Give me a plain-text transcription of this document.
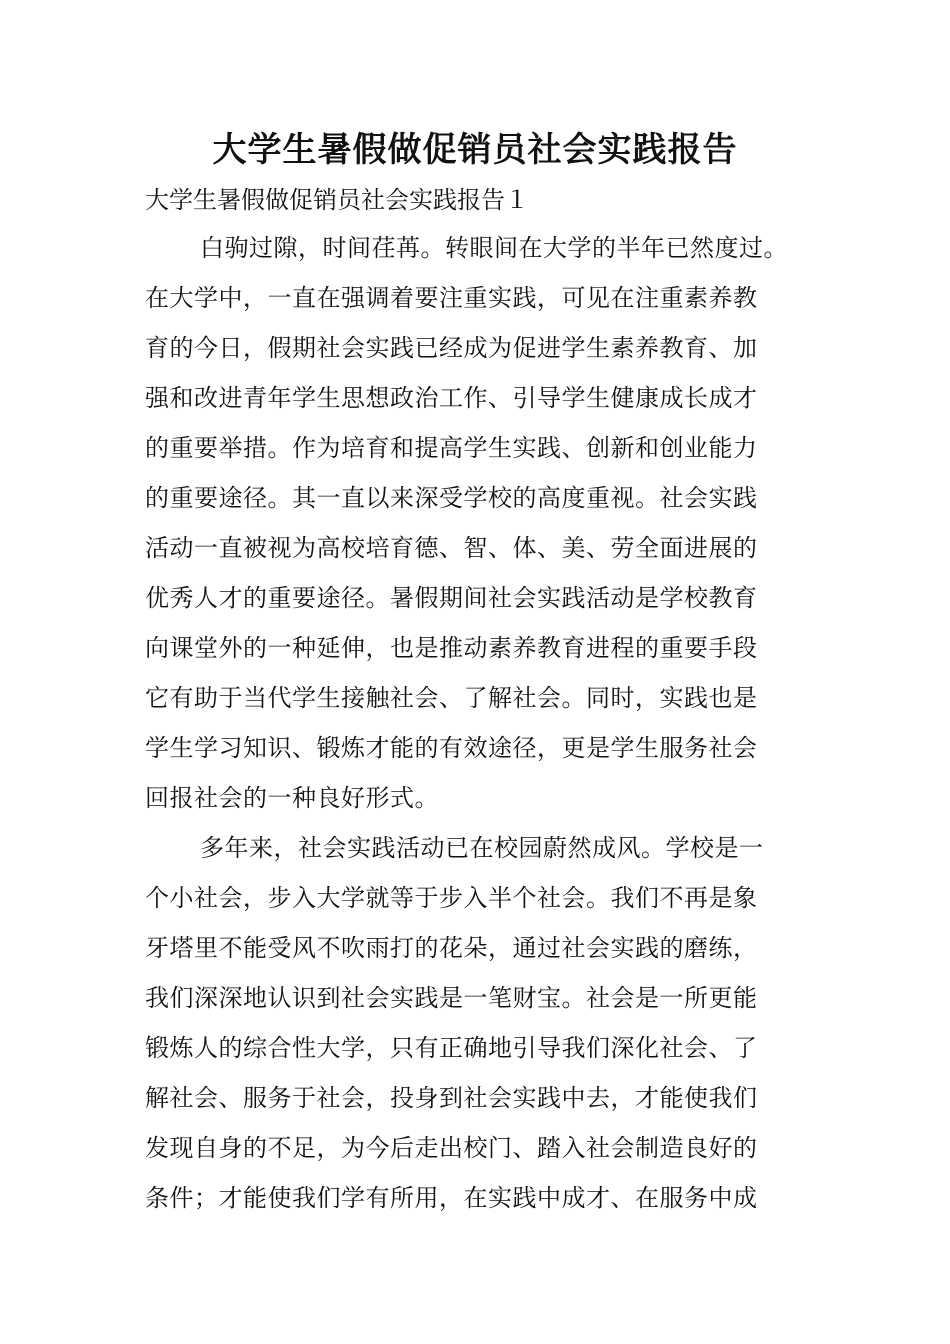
大学生暑假做促销员社会实践报告
大学生暑假做促销员社会实践报告１
白驹过隙，时间荏苒。转眼间在大学的半年已然度过。
在大学中，一直在强调着要注重实践，可见在注重素养教
育的今日，假期社会实践已经成为促进学生素养教育、加
强和改进青年学生思想政治工作、引导学生健康成长成才
的重要举措。作为培育和提高学生实践、创新和创业能力
的重要途径。其一直以来深受学校的高度重视。社会实践
活动一直被视为高校培育德、智、体、美、劳全面进展的
优秀人才的重要途径。暑假期间社会实践活动是学校教育
向课堂外的一种延伸，也是推动素养教育进程的重要手段
它有助于当代学生接触社会、了解社会。同时，实践也是
学生学习知识、锻炼才能的有效途径，更是学生服务社会
回报社会的一种良好形式。
多年来，社会实践活动已在校园蔚然成风。学校是一
个小社会，步入大学就等于步入半个社会。我们不再是象
牙塔里不能受风不吹雨打的花朵，通过社会实践的磨练，
我们深深地认识到社会实践是一笔财宝。社会是一所更能
锻炼人的综合性大学，只有正确地引导我们深化社会、了
解社会、服务于社会，投身到社会实践中去，才能使我们
发现自身的不足，为今后走出校门、踏入社会制造良好的
条件；才能使我们学有所用，在实践中成才、在服务中成
